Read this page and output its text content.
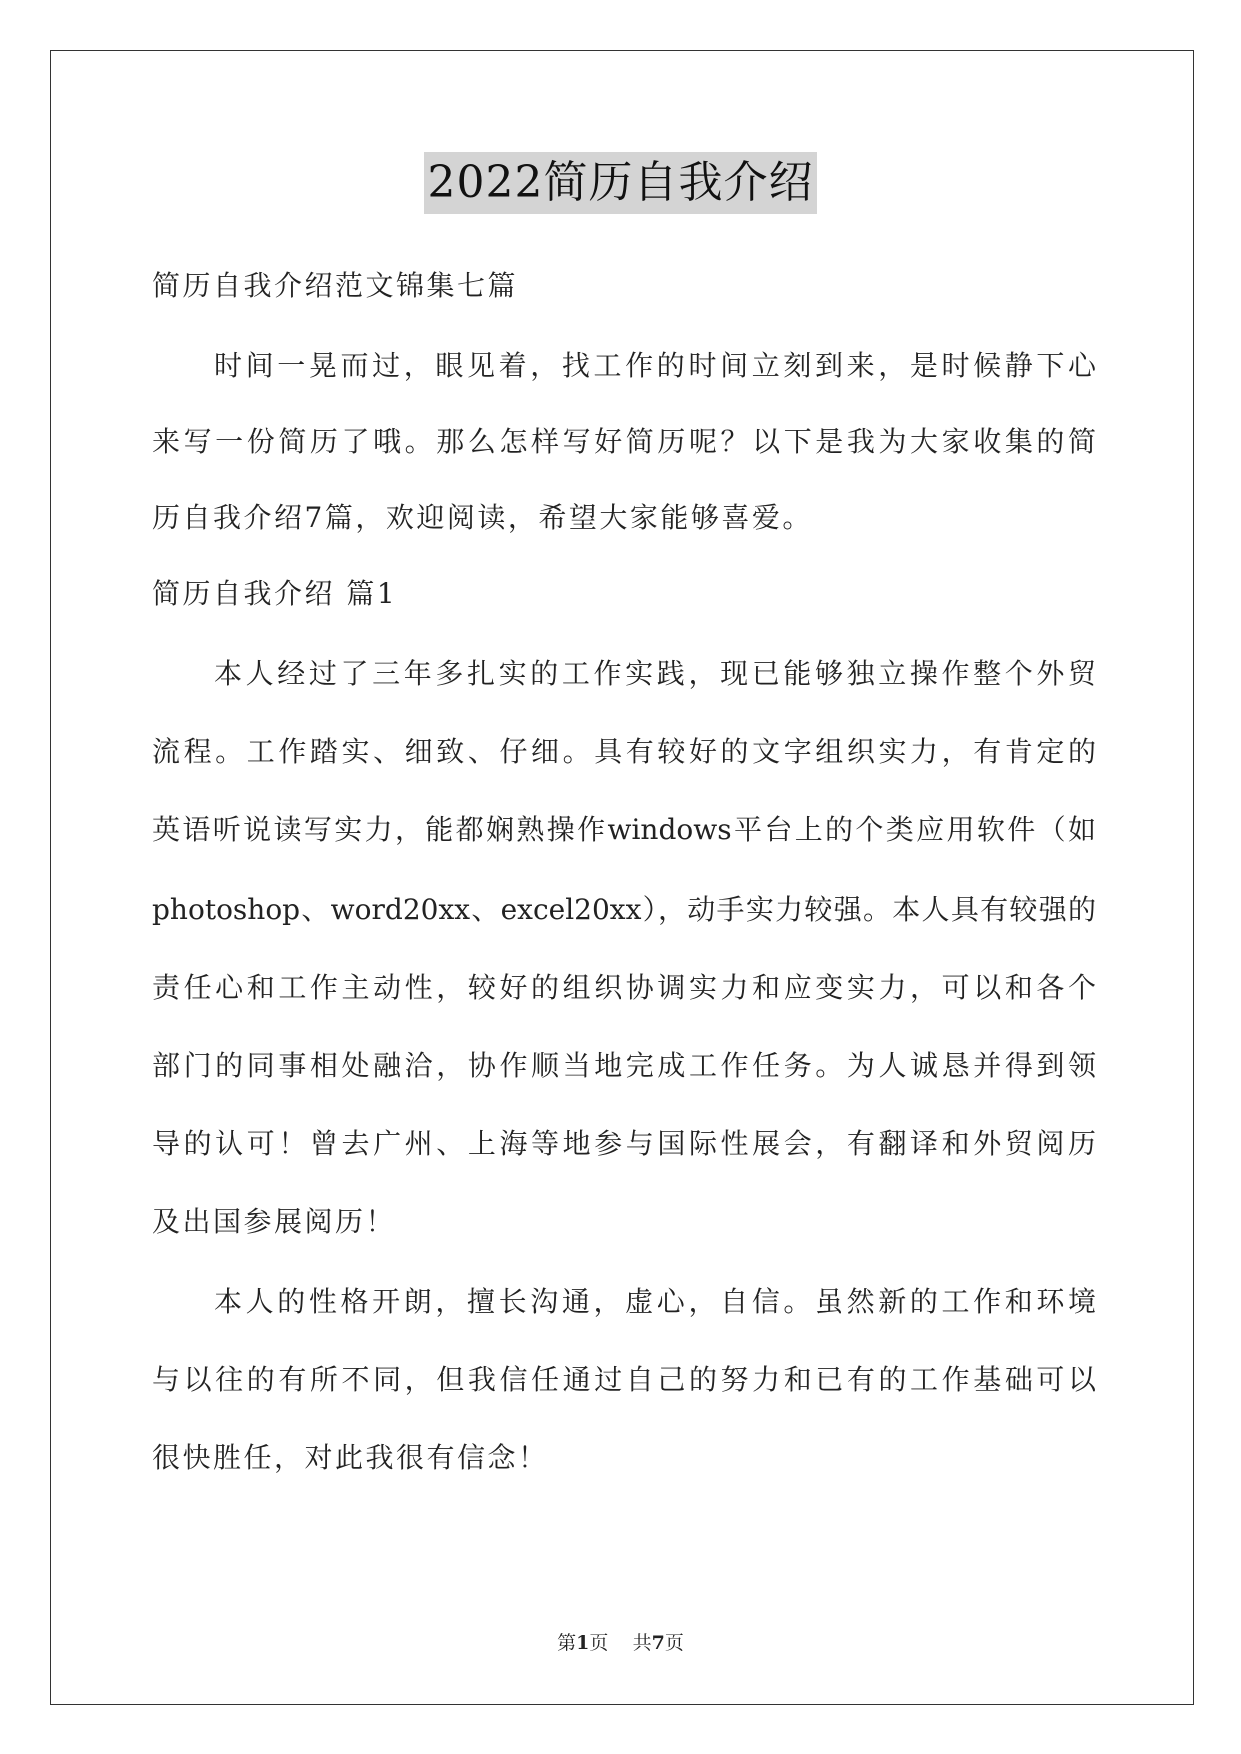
2022简历自我介绍
简历自我介绍范文锦集七篇
时间一晃而过，眼见着，找工作的时间立刻到来，是时候静下心
来写一份简历了哦。那么怎样写好简历呢？以下是我为大家收集的简
历自我介绍7篇，欢迎阅读，希望大家能够喜爱。
简历自我介绍 篇1
本人经过了三年多扎实的工作实践，现已能够独立操作整个外贸
流程。工作踏实、细致、仔细。具有较好的文字组织实力，有肯定的
英语听说读写实力，能都娴熟操作windows平台上的个类应用软件（如
photoshop、word20xx、excel20xx），动手实力较强。本人具有较强的
责任心和工作主动性，较好的组织协调实力和应变实力，可以和各个
部门的同事相处融洽，协作顺当地完成工作任务。为人诚恳并得到领
导的认可！曾去广州、上海等地参与国际性展会，有翻译和外贸阅历
及出国参展阅历！
本人的性格开朗，擅长沟通，虚心，自信。虽然新的工作和环境
与以往的有所不同，但我信任通过自己的努力和已有的工作基础可以
很快胜任，对此我很有信念！
第1页 共7页
